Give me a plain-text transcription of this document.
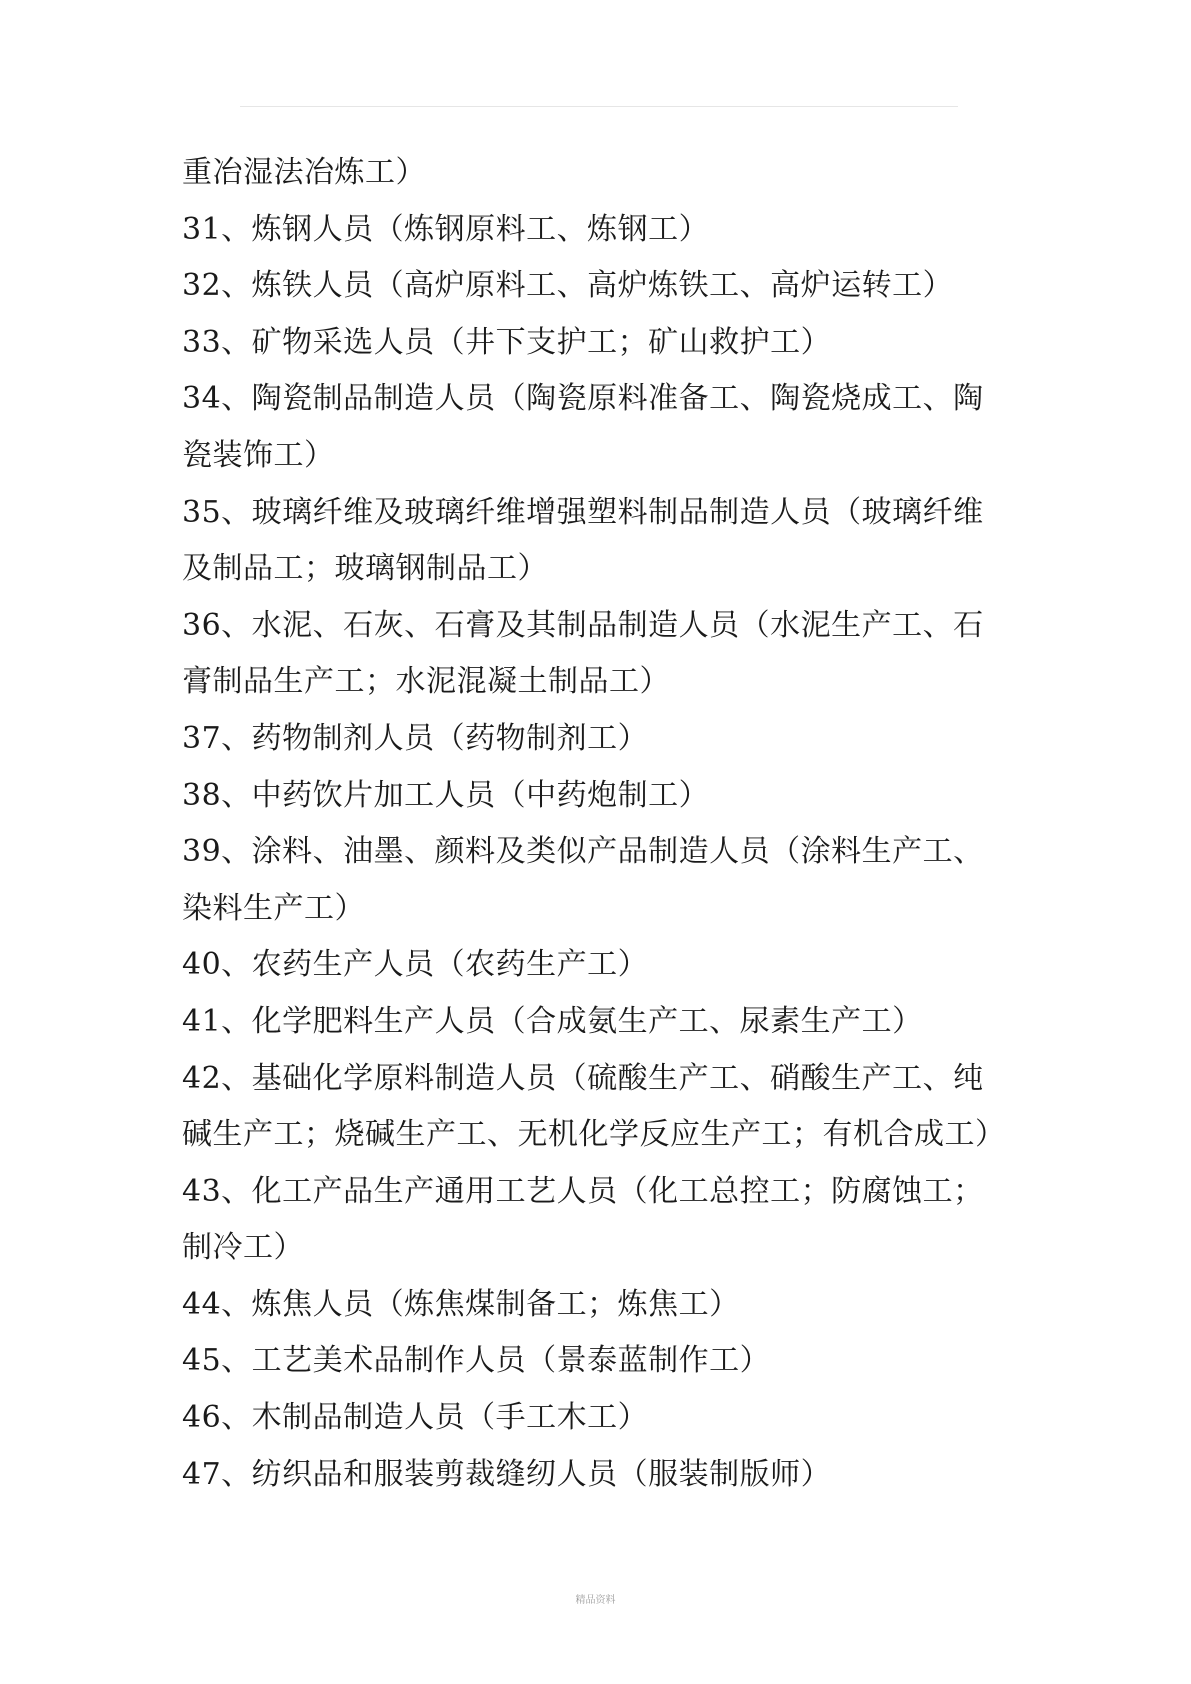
重冶湿法冶炼工）
31、炼钢人员（炼钢原料工、炼钢工）
32、炼铁人员（高炉原料工、高炉炼铁工、高炉运转工）
33、矿物采选人员（井下支护工；矿山救护工）
34、陶瓷制品制造人员（陶瓷原料准备工、陶瓷烧成工、陶
瓷装饰工）
35、玻璃纤维及玻璃纤维增强塑料制品制造人员（玻璃纤维
及制品工；玻璃钢制品工）
36、水泥、石灰、石膏及其制品制造人员（水泥生产工、石
膏制品生产工；水泥混凝土制品工）
37、药物制剂人员（药物制剂工）
38、中药饮片加工人员（中药炮制工）
39、涂料、油墨、颜料及类似产品制造人员（涂料生产工、
染料生产工）
40、农药生产人员（农药生产工）
41、化学肥料生产人员（合成氨生产工、尿素生产工）
42、基础化学原料制造人员（硫酸生产工、硝酸生产工、纯
碱生产工；烧碱生产工、无机化学反应生产工；有机合成工）
43、化工产品生产通用工艺人员（化工总控工；防腐蚀工；
制冷工）
44、炼焦人员（炼焦煤制备工；炼焦工）
45、工艺美术品制作人员（景泰蓝制作工）
46、木制品制造人员（手工木工）
47、纺织品和服装剪裁缝纫人员（服装制版师）
精品资料
